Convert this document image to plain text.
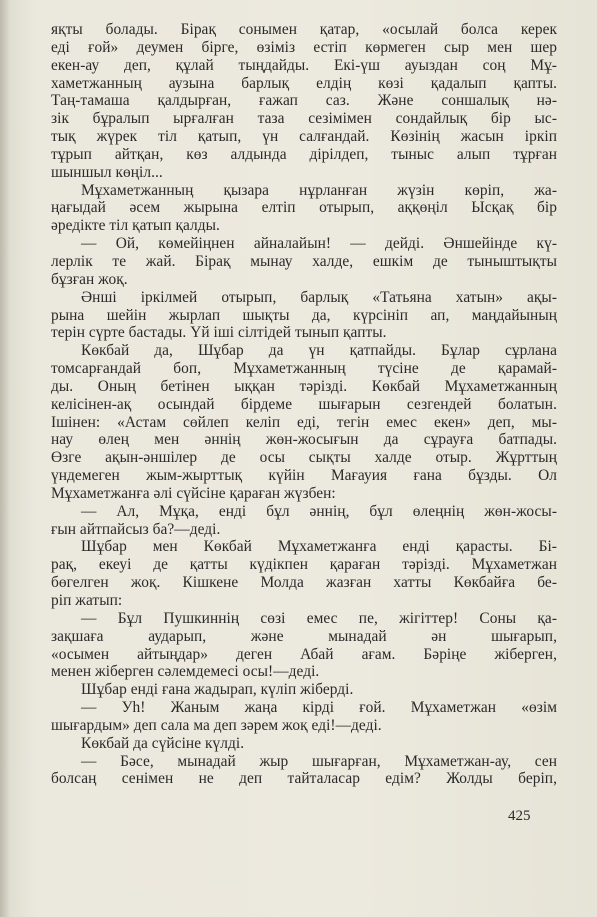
яқты болады. Бірақ сонымен қатар, «осылай болса керек
еді ғой» деумен бірге, өзіміз естіп көрмеген сыр мен шер
екен-ау деп, құлай тыңдайды. Екі-үш ауыздан соң Мұ-
хаметжанның аузына барлық елдің көзі қадалып қапты.
Таң-тамаша қалдырған, ғажап саз. Және соншалық нә-
зік бұралып ырғалған таза сезімімен сондайлық бір ыс-
тық жүрек тіл қатып, үн салғандай. Көзінің жасын іркіп
тұрып айтқан, көз алдында дірілдеп, тыныс алып тұрған
шыншыл көңіл...
Мұхаметжанның қызара нұрланған жүзін көріп, жа-
ңағыдай әсем жырына елтіп отырып, аққөңіл Ысқақ бір
әредікте тіл қатып қалды.
— Ой, көмейіңнен айналайын! — дейді. Әншейінде кү-
лерлік те жай. Бірақ мынау халде, ешкім де тыныштықты
бұзған жоқ.
Әнші іркілмей отырып, барлық «Татьяна хатын» ақы-
рына шейін жырлап шықты да, күрсініп ап, маңдайының
терін сүрте бастады. Үй іші сілтідей тынып қапты.
Көкбай да, Шұбар да үн қатпайды. Бұлар сұрлана
томсарғандай боп, Мұхаметжанның түсіне де қарамай-
ды. Оның бетінен ыққан тәрізді. Көкбай Мұхаметжанның
келісінен-ақ осындай бірдеме шығарын сезгендей болатын.
Ішінен: «Астам сөйлеп келіп еді, тегін емес екен» деп, мы-
нау өлең мен әннің жөн-жосығын да сұрауға батпады.
Өзге ақын-әншілер де осы сықты халде отыр. Жұрттың
үндемеген жым-жырттық күйін Мағауия ғана бұзды. Ол
Мұхаметжанға әлі сүйсіне қараған жүзбен:
— Ал, Мұқа, енді бұл әннің, бұл өлеңнің жөн-жосы-
ғын айтпайсыз ба?—деді.
Шұбар мен Көкбай Мұхаметжанға енді қарасты. Бі-
рақ, екеуі де қатты күдікпен қараған тәрізді. Мұхаметжан
бөгелген жоқ. Кішкене Молда жазған хатты Көкбайға бе-
ріп жатып:
— Бұл Пушкиннің сөзі емес пе, жігіттер! Соны қа-
зақшаға аударып, және мынадай ән шығарып,
«осымен айтыңдар» деген Абай ағам. Бәріңе жіберген,
менен жіберген сәлемдемесі осы!—деді.
Шұбар енді ғана жадырап, күліп жіберді.
— Уһ! Жаным жаңа кірді ғой. Мұхаметжан «өзім
шығардым» деп сала ма деп зәрем жоқ еді!—деді.
Көкбай да сүйсіне күлді.
— Бәсе, мынадай жыр шығарған, Мұхаметжан-ау, сен
болсаң сенімен не деп тайталасар едім? Жолды беріп,
425
